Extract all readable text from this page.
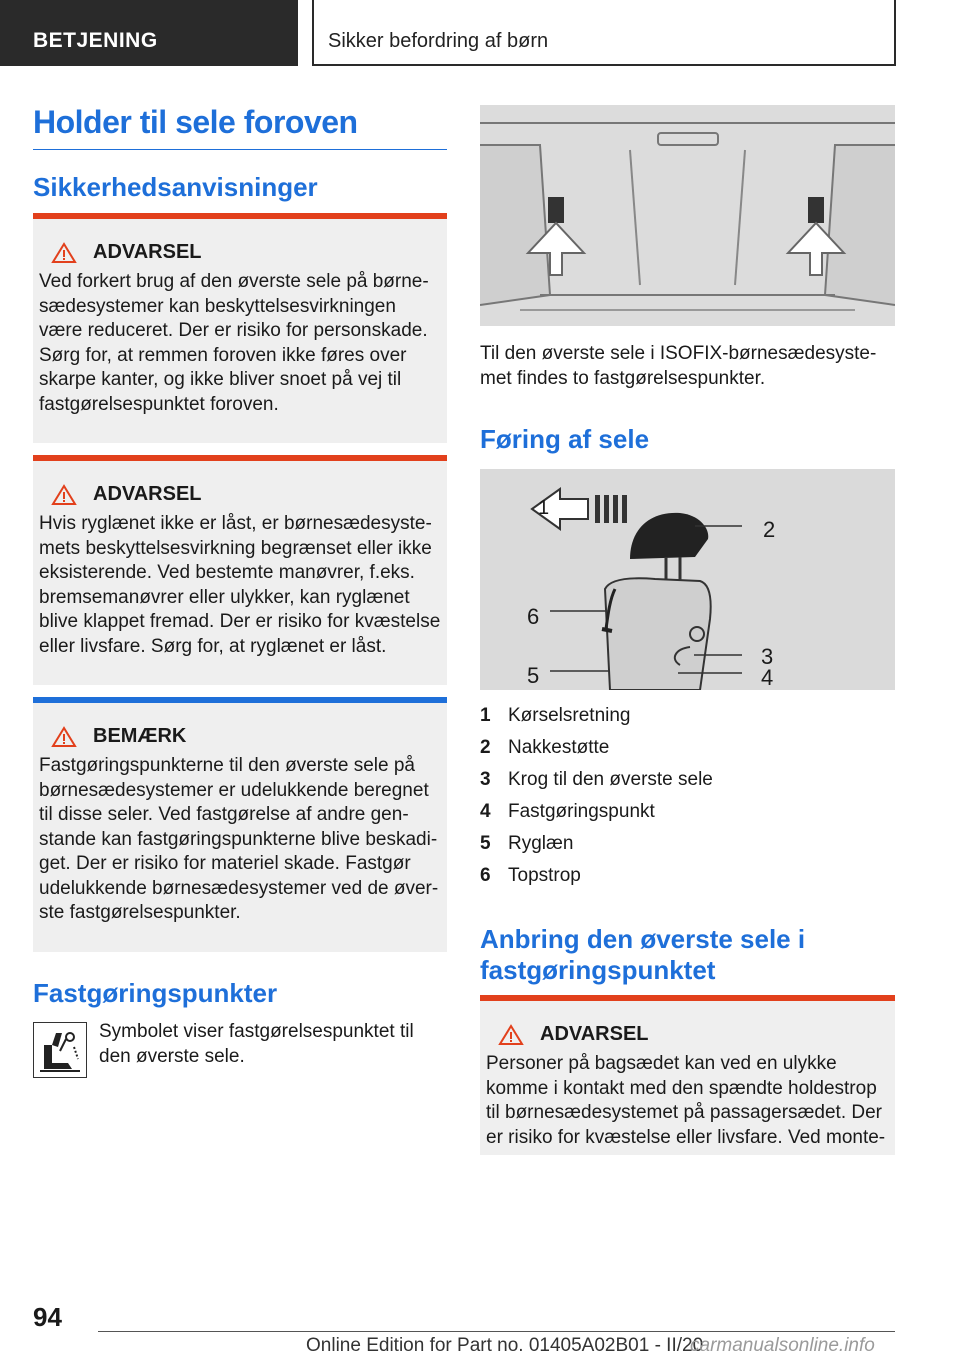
BETJENING	Sikker befordring af børn
Holder til sele foroven
Sikkerhedsanvisninger
ADVARSEL
Ved forkert brug af den øverste sele på børnesædesystemer kan beskyttelsesvirkningen være reduceret. Der er risiko for personskade. Sørg for, at remmen foroven ikke føres over skarpe kanter, og ikke bliver snoet på vej til fastgørelsespunktet foroven.
ADVARSEL
Hvis ryglænet ikke er låst, er børnesædesystemets beskyttelsesvirkning begrænset eller ikke eksisterende. Ved bestemte manøvrer, f.eks. bremsemanøvrer eller ulykker, kan ryglænet blive klappet fremad. Der er risiko for kvæstelse eller livsfare. Sørg for, at ryglænet er låst.
BEMÆRK
Fastgøringspunkterne til den øverste sele på børnesædesystemer er udelukkende beregnet til disse seler. Ved fastgørelse af andre genstande kan fastgøringspunkterne blive beskadiget. Der er risiko for materiel skade. Fastgør udelukkende børnesædesystemer ved de øverste fastgørelsespunkter.
Fastgøringspunkter
Symbolet viser fastgørelsespunktet til den øverste sele.
Til den øverste sele i ISOFIX-børnesædesystemet findes to fastgørelsespunkter.
Føring af sele
1
2
3
4
5
6
1 Kørselsretning
2 Nakkestøtte
3 Krog til den øverste sele
4 Fastgøringspunkt
5 Ryglæn
6 Topstrop
Anbring den øverste sele i fastgøringspunktet
ADVARSEL
Personer på bagsædet kan ved en ulykke komme i kontakt med den spændte holdestrop til børnesædesystemet på passagersædet. Der er risiko for kvæstelse eller livsfare. Ved monte-
94
Online Edition for Part no. 01405A02B01 - II/20
carmanualsonline.info
